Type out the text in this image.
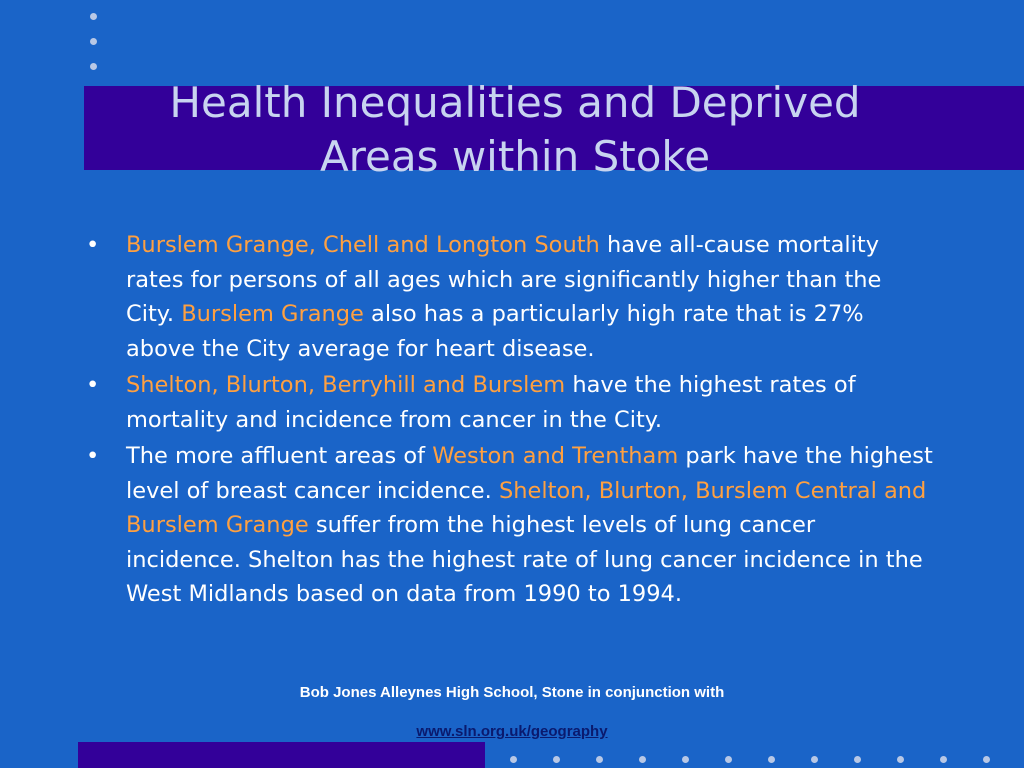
Health Inequalities and Deprived
Areas within Stoke
• Burslem Grange, Chell and Longton South have all-cause mortality rates for persons of all ages which are significantly higher than the City. Burslem Grange also has a particularly high rate that is 27% above the City average for heart disease.
• Shelton, Blurton, Berryhill and Burslem have the highest rates of mortality and incidence from cancer in the City.
• The more affluent areas of Weston and Trentham park have the highest level of breast cancer incidence. Shelton, Blurton, Burslem Central and Burslem Grange suffer from the highest levels of lung cancer incidence. Shelton has the highest rate of lung cancer incidence in the West Midlands based on data from 1990 to 1994.
Bob Jones Alleynes High School, Stone in conjunction with
www.sln.org.uk/geography
